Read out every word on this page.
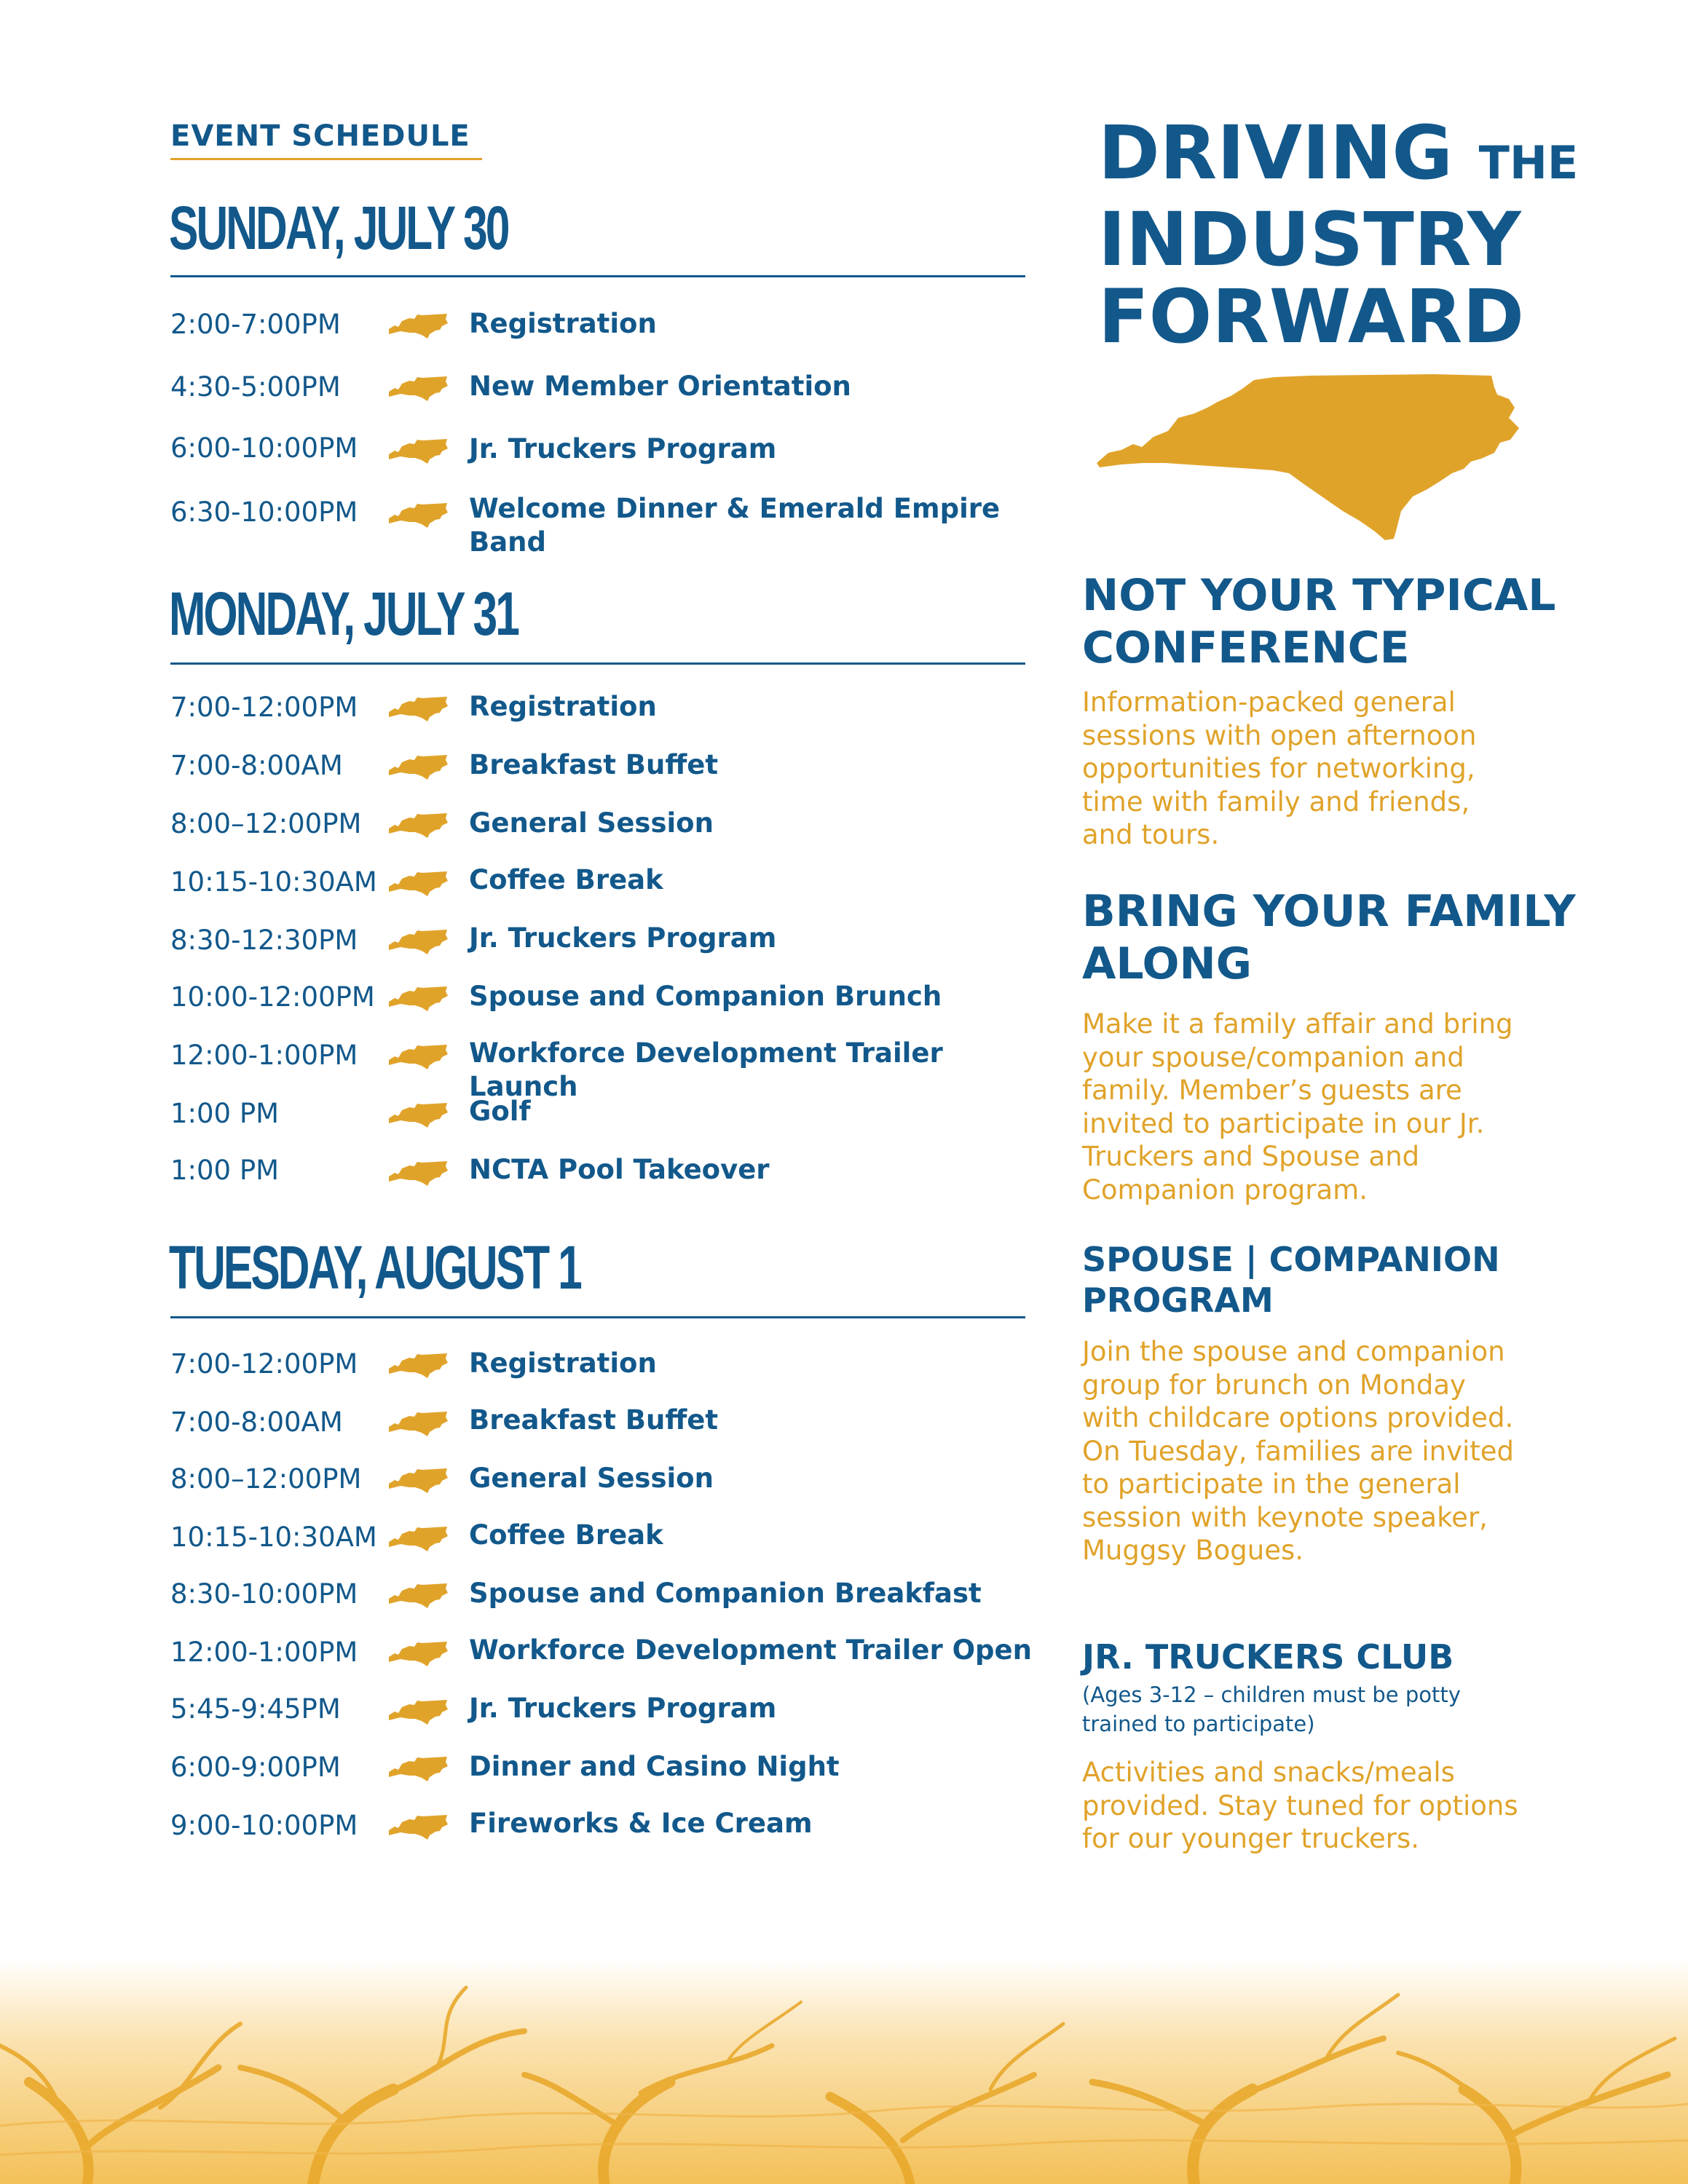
EVENT SCHEDULE
SUNDAY, JULY 30
2:00-7:00PM	Registration
4:30-5:00PM	New Member Orientation
6:00-10:00PM	Jr. Truckers Program
6:30-10:00PM	Welcome Dinner & Emerald Empire Band
MONDAY, JULY 31
7:00-12:00PM	Registration
7:00-8:00AM	Breakfast Buffet
8:00–12:00PM	General Session
10:15-10:30AM	Coffee Break
8:30-12:30PM	Jr. Truckers Program
10:00-12:00PM	Spouse and Companion Brunch
12:00-1:00PM	Workforce Development Trailer Launch
1:00 PM	Golf
1:00 PM	NCTA Pool Takeover
TUESDAY, AUGUST 1
7:00-12:00PM	Registration
7:00-8:00AM	Breakfast Buffet
8:00–12:00PM	General Session
10:15-10:30AM	Coffee Break
8:30-10:00PM	Spouse and Companion Breakfast
12:00-1:00PM	Workforce Development Trailer Open
5:45-9:45PM	Jr. Truckers Program
6:00-9:00PM	Dinner and Casino Night
9:00-10:00PM	Fireworks & Ice Cream
DRIVING THE
INDUSTRY
FORWARD
NOT YOUR TYPICAL CONFERENCE
Information-packed general sessions with open afternoon opportunities for networking, time with family and friends, and tours.
BRING YOUR FAMILY ALONG
Make it a family affair and bring your spouse/companion and family. Member’s guests are invited to participate in our Jr. Truckers and Spouse and Companion program.
SPOUSE | COMPANION PROGRAM
Join the spouse and companion group for brunch on Monday with childcare options provided. On Tuesday, families are invited to participate in the general session with keynote speaker, Muggsy Bogues.
JR. TRUCKERS CLUB
(Ages 3-12 – children must be potty trained to participate)
Activities and snacks/meals provided. Stay tuned for options for our younger truckers.
